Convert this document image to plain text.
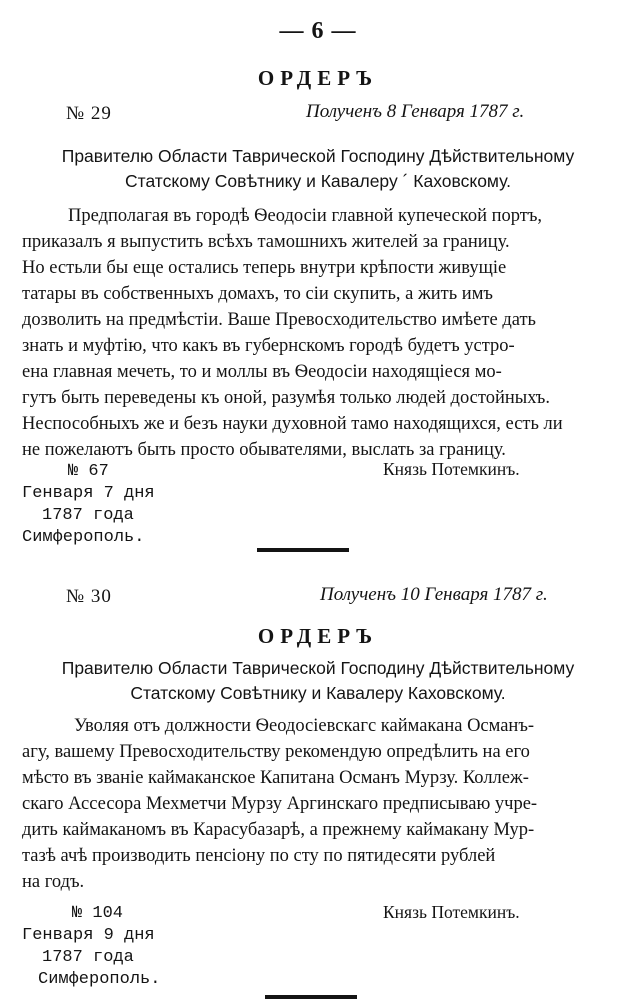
— 6 —
ОРДЕРЪ
№ 29	Полученъ 8 Генваря 1787 г.
Правителю Области Таврической Господину Дѣйствительному
Статскому Совѣтнику и Кавалеру ´ Каховскому.
Предполагая въ городѣ Ѳеодосіи главной купеческой портъ,
приказалъ я выпустить всѣхъ тамошнихъ жителей за границу.
Но естьли бы еще остались теперь внутри крѣпости живущіе
татары въ собственныхъ домахъ, то сіи скупить, а жить имъ
дозволить на предмѣстіи. Ваше Превосходительство имѣете дать
знать и муфтію, что какъ въ губернскомъ городѣ будетъ устро-
ена главная мечеть, то и моллы въ Ѳеодосіи находящіеся мо-
гутъ быть переведены къ оной, разумѣя только людей достойныхъ.
Неспособныхъ же и безъ науки духовной тамо находящихся, есть ли
не пожелаютъ быть просто обывателями, выслать за границу.
Князь Потемкинъ.
№ 67
Генваря 7 дня
1787 года
Симферополь.
№ 30	Полученъ 10 Генваря 1787 г.
ОРДЕРЪ
Правителю Области Таврической Господину Дѣйствительному
Статскому Совѣтнику и Кавалеру Каховскому.
Уволяя отъ должности Ѳеодосіевскагс каймакана Османъ-
агу, вашему Превосходительству рекомендую опредѣлить на его
мѣсто въ званіе каймаканское Капитана Османъ Мурзу. Коллеж-
скаго Ассесора Мехметчи Мурзу Аргинскаго предписываю учре-
дить каймаканомъ въ Карасубазарѣ, а прежнему каймакану Мур-
тазѣ ачѣ производить пенсіону по сту по пятидесяти рублей
на годъ.
Князь Потемкинъ.
№ 104
Генваря 9 дня
1787 года
Симферополь.
